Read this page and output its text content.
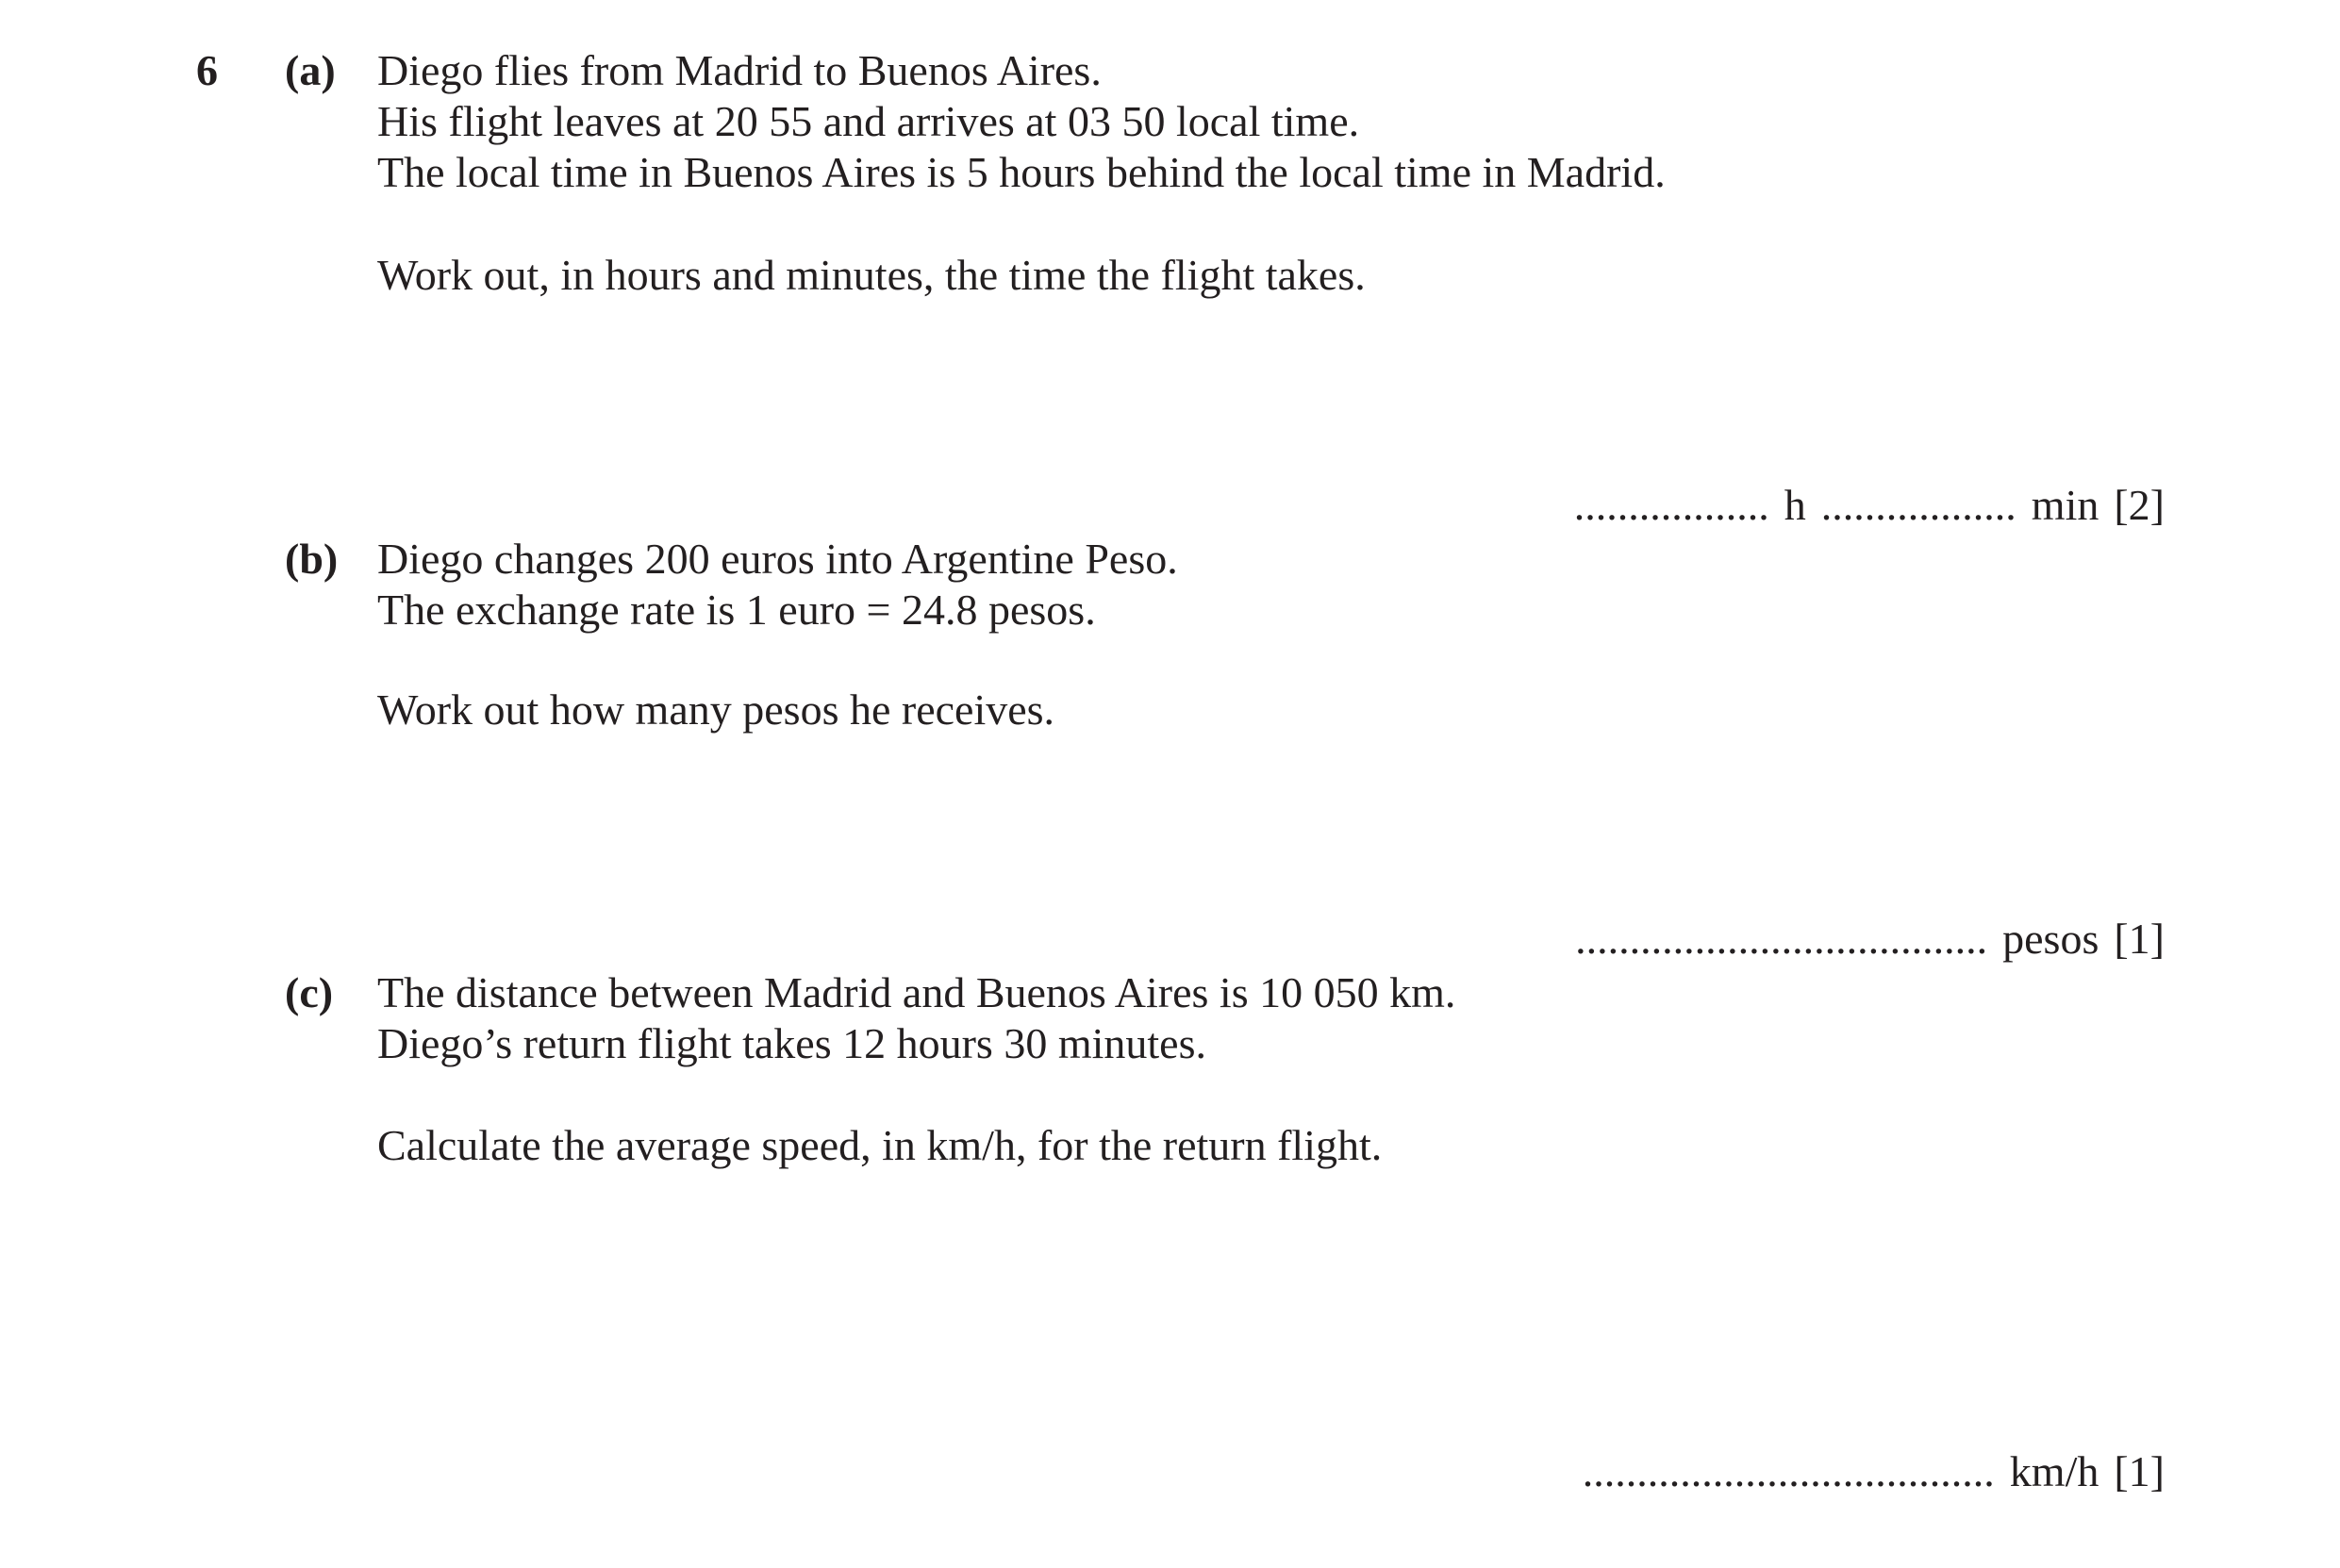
6 (a) Diego flies from Madrid to Buenos Aires.
His flight leaves at 20 55 and arrives at 03 50 local time.
The local time in Buenos Aires is 5 hours behind the local time in Madrid.
Work out, in hours and minutes, the time the flight takes.

.................. h .................. min [2]

(b) Diego changes 200 euros into Argentine Peso.
The exchange rate is 1 euro = 24.8 pesos.
Work out how many pesos he receives.

...................................... pesos [1]

(c) The distance between Madrid and Buenos Aires is 10 050 km.
Diego’s return flight takes 12 hours 30 minutes.
Calculate the average speed, in km/h, for the return flight.

...................................... km/h [1]
